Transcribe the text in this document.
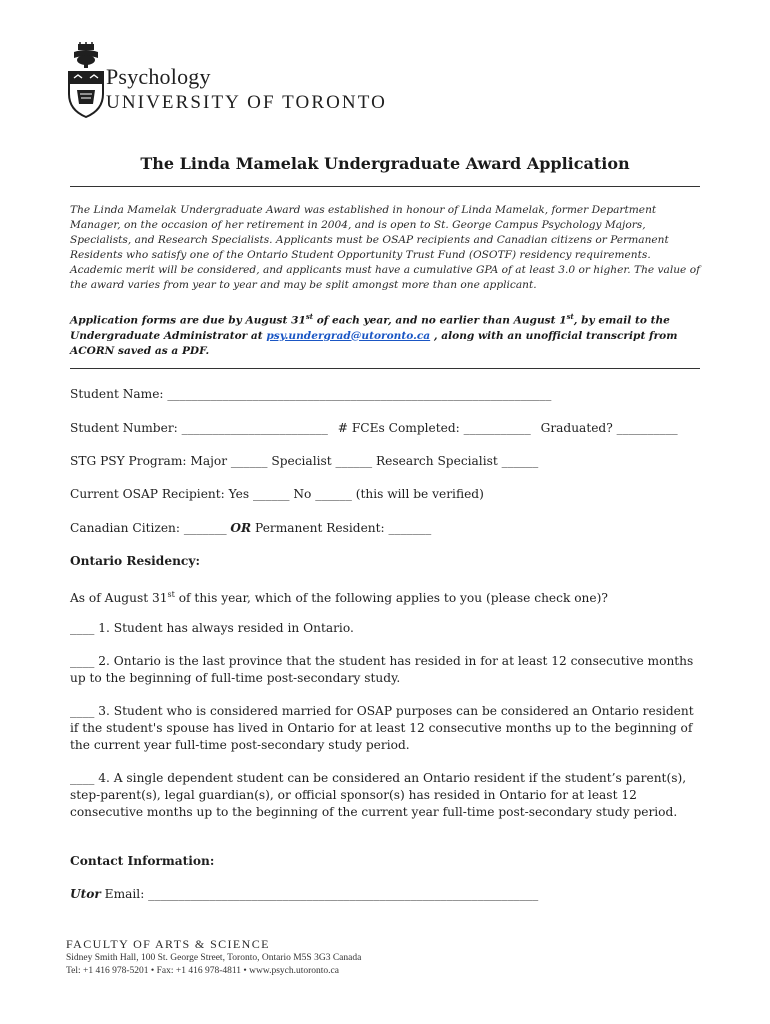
Psychology
UNIVERSITY OF TORONTO
The Linda Mamelak Undergraduate Award Application
The Linda Mamelak Undergraduate Award was established in honour of Linda Mamelak, former Department Manager, on the occasion of her retirement in 2004, and is open to St. George Campus Psychology Majors, Specialists, and Research Specialists. Applicants must be OSAP recipients and Canadian citizens or Permanent Residents who satisfy one of the Ontario Student Opportunity Trust Fund (OSOTF) residency requirements. Academic merit will be considered, and applicants must have a cumulative GPA of at least 3.0 or higher. The value of the award varies from year to year and may be split amongst more than one applicant.
Application forms are due by August 31st of each year, and no earlier than August 1st, by email to the Undergraduate Administrator at psy.undergrad@utoronto.ca , along with an unofficial transcript from ACORN saved as a PDF.
Student Name: _______________________________________________________________
Student Number: ________________________ # FCEs Completed: ___________ Graduated? __________
STG PSY Program: Major ______ Specialist ______ Research Specialist ______
Current OSAP Recipient: Yes ______ No ______ (this will be verified)
Canadian Citizen: _______ OR Permanent Resident: _______
Ontario Residency:
As of August 31st of this year, which of the following applies to you (please check one)?
____ 1. Student has always resided in Ontario.
____ 2. Ontario is the last province that the student has resided in for at least 12 consecutive months up to the beginning of full-time post-secondary study.
____ 3. Student who is considered married for OSAP purposes can be considered an Ontario resident if the student's spouse has lived in Ontario for at least 12 consecutive months up to the beginning of the current year full-time post-secondary study period.
____ 4. A single dependent student can be considered an Ontario resident if the student’s parent(s), step-parent(s), legal guardian(s), or official sponsor(s) has resided in Ontario for at least 12 consecutive months up to the beginning of the current year full-time post-secondary study period.
Contact Information:
Utor Email: ________________________________________________________________
FACULTY OF ARTS & SCIENCE
Sidney Smith Hall, 100 St. George Street, Toronto, Ontario M5S 3G3 Canada
Tel: +1 416 978-5201 • Fax: +1 416 978-4811 • www.psych.utoronto.ca
